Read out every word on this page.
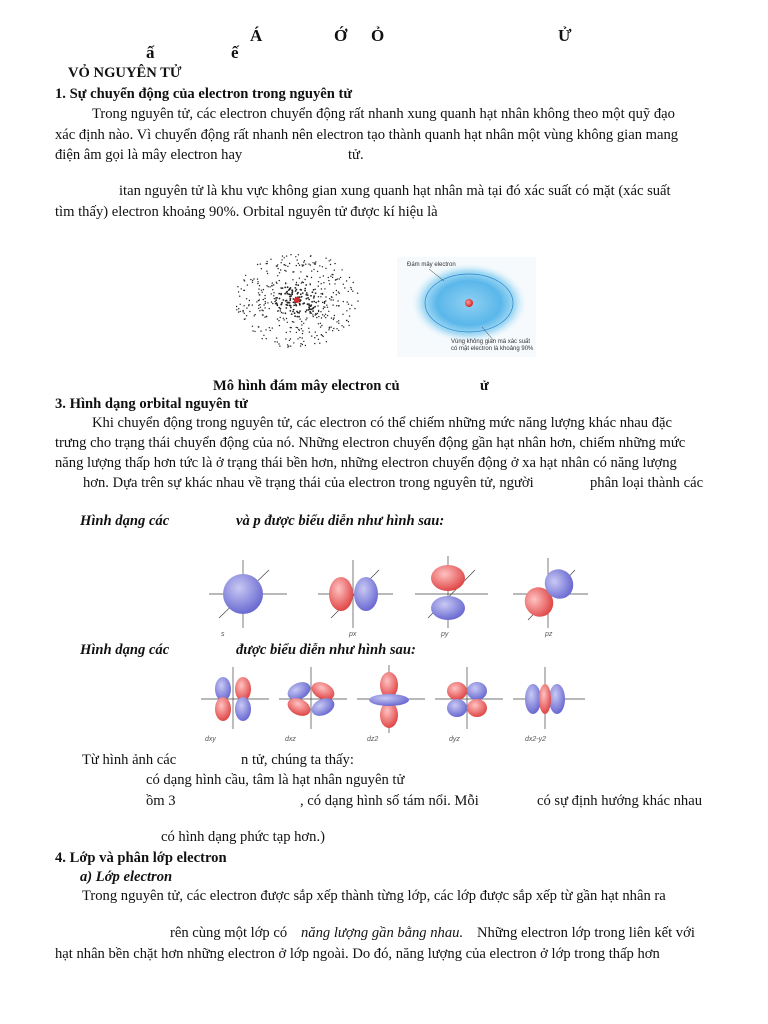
Á	Ớ Ỏ	Ử
ấ	ế
VỎ NGUYÊN TỬ
1. Sự chuyển động của electron trong nguyên tử
Trong nguyên tử, các electron chuyển động rất nhanh xung quanh hạt nhân không theo một quỹ đạo
xác định nào. Vì chuyển động rất nhanh nên electron tạo thành quanh hạt nhân một vùng không gian mang
điện âm gọi là mây electron hay	tử.
itan nguyên tử là khu vực không gian xung quanh hạt nhân mà tại đó xác suất có mặt (xác suất
tìm thấy) electron khoảng 90%. Orbital nguyên tử được kí hiệu là
Đám mây electron
Vùng không gian mà xác suất
có mặt electron là khoảng 90%
Mô hình đám mây electron củ	ử
3. Hình dạng orbital nguyên tử
Khi chuyển động trong nguyên tử, các electron có thể chiếm những mức năng lượng khác nhau đặc
trưng cho trạng thái chuyển động của nó. Những electron chuyển động gần hạt nhân hơn, chiếm những mức
năng lượng thấp hơn tức là ở trạng thái bền hơn, những electron chuyển động ở xa hạt nhân có năng lượng
hơn. Dựa trên sự khác nhau về trạng thái của electron trong nguyên tử, người	phân loại thành các
Hình dạng các	và p được biểu diễn như hình sau:
s	px	py	pz
Hình dạng các	được biểu diễn như hình sau:
dxy	dxz	dz2	dyz	dx2-y2
Từ hình ảnh các	n tử, chúng ta thấy:
có dạng hình cầu, tâm là hạt nhân nguyên tử
ồm 3	, có dạng hình số tám nổi. Mỗi	có sự định hướng khác nhau
có hình dạng phức tạp hơn.)
4. Lớp và phân lớp electron
a) Lớp electron
Trong nguyên tử, các electron được sắp xếp thành từng lớp, các lớp được sắp xếp từ gần hạt nhân ra
rên cùng một lớp có năng lượng gần bằng nhau. Những electron lớp trong liên kết với
hạt nhân bền chặt hơn những electron ở lớp ngoài. Do đó, năng lượng của electron ở lớp trong thấp hơn
